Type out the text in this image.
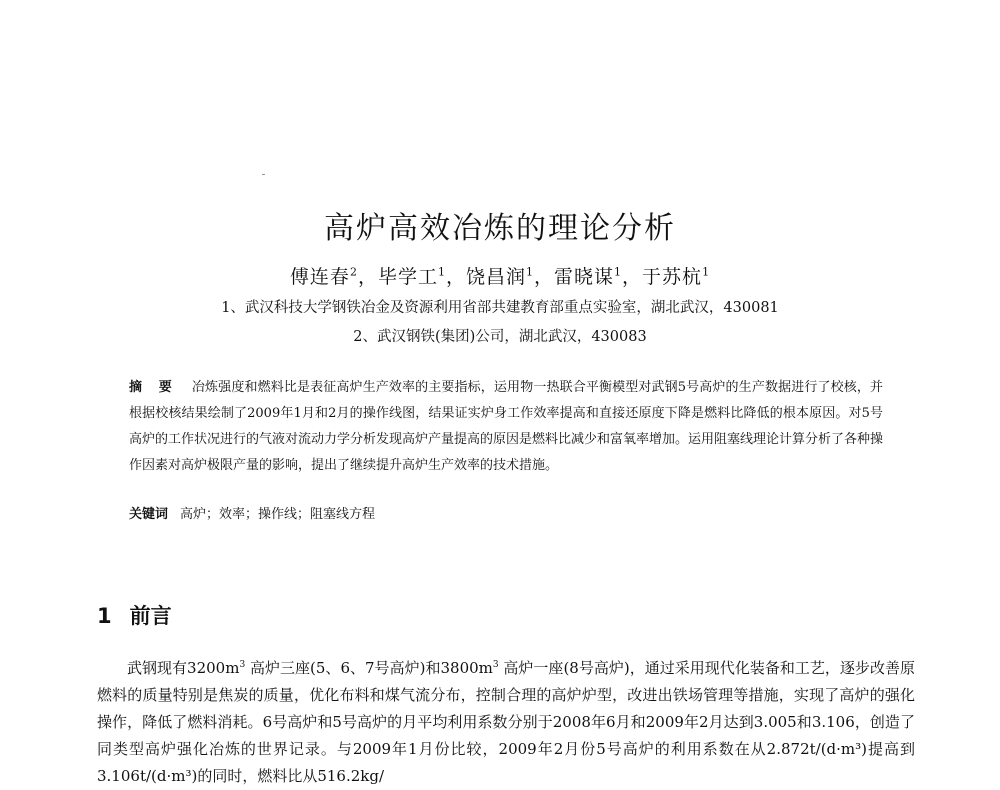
高炉高效冶炼的理论分析
傅连春$^2$，毕学工$^1$，饶昌润$^1$，雷晓谋$^1$，于苏杭$^1$
1、武汉科技大学钢铁冶金及资源利用省部共建教育部重点实验室，湖北武汉，430081
2、武汉钢铁(集团)公司，湖北武汉，430083
摘 要 冶炼强度和燃料比是表征高炉生产效率的主要指标，运用物一热联合平衡模型对武钢5号高炉的生产数据进行了校核，并根据校核结果绘制了2009年1月和2月的操作线图，结果证实炉身工作效率提高和直接还原度下降是燃料比降低的根本原因。对5号高炉的工作状况进行的气液对流动力学分析发现高炉产量提高的原因是燃料比减少和富氧率增加。运用阻塞线理论计算分析了各种操作因素对高炉极限产量的影响，提出了继续提升高炉生产效率的技术措施。
关键词 高炉；效率；操作线；阻塞线方程
1 前言

武钢现有$3200m^3$ 高炉三座(5、6、7号高炉)和$3800m^3$ 高炉一座(8号高炉)，通过采用现代化装备和工艺，逐步改善原燃料的质量特别是焦炭的质量，优化布料和煤气流分布，控制合理的高炉炉型，改进出铁场管理等措施，实现了高炉的强化操作，降低了燃料消耗。6号高炉和5号高炉的月平均利用系数分别于2008年6月和2009年2月达到3.005和3.106，创造了同类型高炉强化冶炼的世界记录。与2009年1月份比较，2009年2月份5号高炉的利用系数在从2.872t/(d·m³)提高到3.106t/(d·m³)的同时，燃料比从516.2kg/
